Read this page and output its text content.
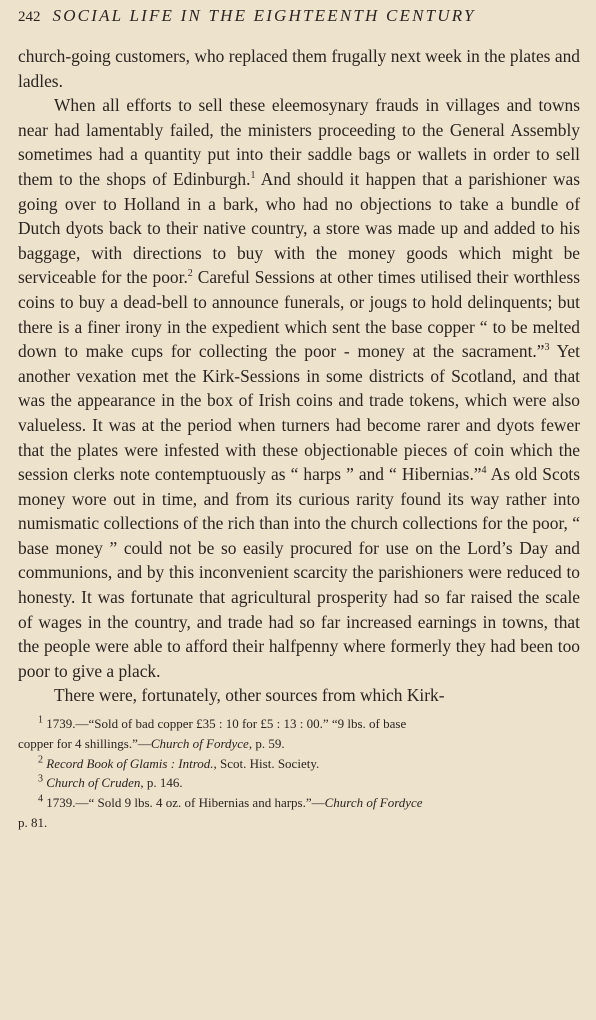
242 SOCIAL LIFE IN THE EIGHTEENTH CENTURY

church-going customers, who replaced them frugally next week in the plates and ladles.

When all efforts to sell these eleemosynary frauds in villages and towns near had lamentably failed, the ministers proceeding to the General Assembly sometimes had a quantity put into their saddle bags or wallets in order to sell them to the shops of Edinburgh.$^1$ And should it happen that a parishioner was going over to Holland in a bark, who had no objections to take a bundle of Dutch dyots back to their native country, a store was made up and added to his baggage, with directions to buy with the money goods which might be serviceable for the poor.$^2$ Careful Sessions at other times utilised their worthless coins to buy a dead-bell to announce funerals, or jougs to hold delinquents; but there is a finer irony in the expedient which sent the base copper “ to be melted down to make cups for collecting the poor - money at the sacrament.”$^3$ Yet another vexation met the Kirk-Sessions in some districts of Scotland, and that was the appearance in the box of Irish coins and trade tokens, which were also valueless. It was at the period when turners had become rarer and dyots fewer that the plates were infested with these objectionable pieces of coin which the session clerks note contemptuously as “ harps ” and “ Hibernias.”$^4$ As old Scots money wore out in time, and from its curious rarity found its way rather into numismatic collections of the rich than into the church collections for the poor, “ base money ” could not be so easily procured for use on the Lord’s Day and communions, and by this inconvenient scarcity the parishioners were reduced to honesty. It was fortunate that agricultural prosperity had so far raised the scale of wages in the country, and trade had so far increased earnings in towns, that the people were able to afford their halfpenny where formerly they had been too poor to give a plack.

There were, fortunately, other sources from which Kirk-

$^1$ 1739.—“Sold of bad copper £35 : 10 for £5 : 13 : 00.” “9 lbs. of base
copper for 4 shillings.”—Church of Fordyce, p. 59.
$^2$ Record Book of Glamis : Introd., Scot. Hist. Society.
$^3$ Church of Cruden, p. 146.
$^4$ 1739.—“ Sold 9 lbs. 4 oz. of Hibernias and harps.”—Church of Fordyce
p. 81.
